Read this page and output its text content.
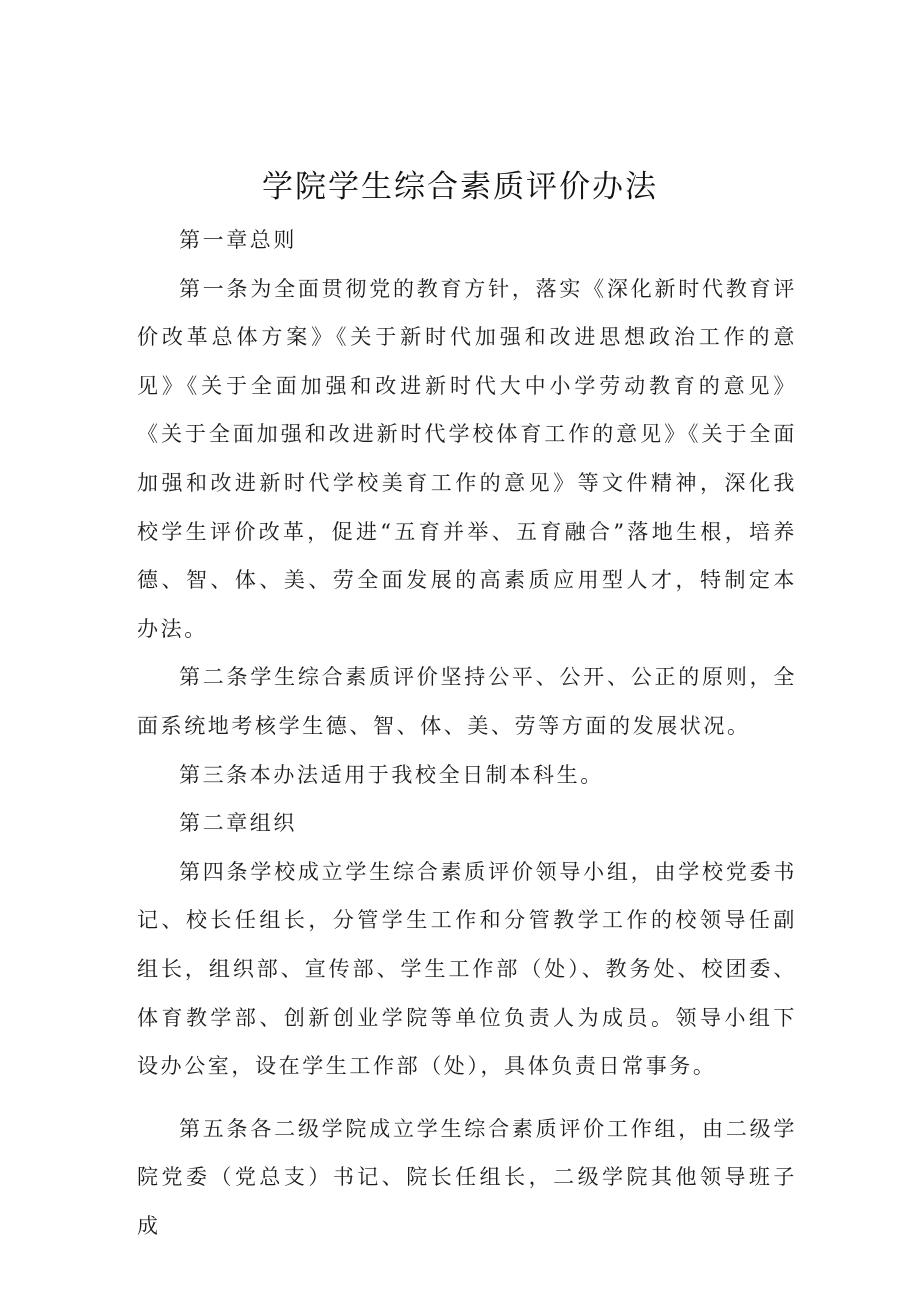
学院学生综合素质评价办法

第一章总则

第一条为全面贯彻党的教育方针，落实《深化新时代教育评价改革总体方案》《关于新时代加强和改进思想政治工作的意见》《关于全面加强和改进新时代大中小学劳动教育的意见》《关于全面加强和改进新时代学校体育工作的意见》《关于全面加强和改进新时代学校美育工作的意见》等文件精神，深化我校学生评价改革，促进“五育并举、五育融合”落地生根，培养德、智、体、美、劳全面发展的高素质应用型人才，特制定本办法。

第二条学生综合素质评价坚持公平、公开、公正的原则，全面系统地考核学生德、智、体、美、劳等方面的发展状况。

第三条本办法适用于我校全日制本科生。

第二章组织

第四条学校成立学生综合素质评价领导小组，由学校党委书记、校长任组长，分管学生工作和分管教学工作的校领导任副组长，组织部、宣传部、学生工作部（处）、教务处、校团委、体育教学部、创新创业学院等单位负责人为成员。领导小组下设办公室，设在学生工作部（处），具体负责日常事务。

第五条各二级学院成立学生综合素质评价工作组，由二级学院党委（党总支）书记、院长任组长，二级学院其他领导班子成
